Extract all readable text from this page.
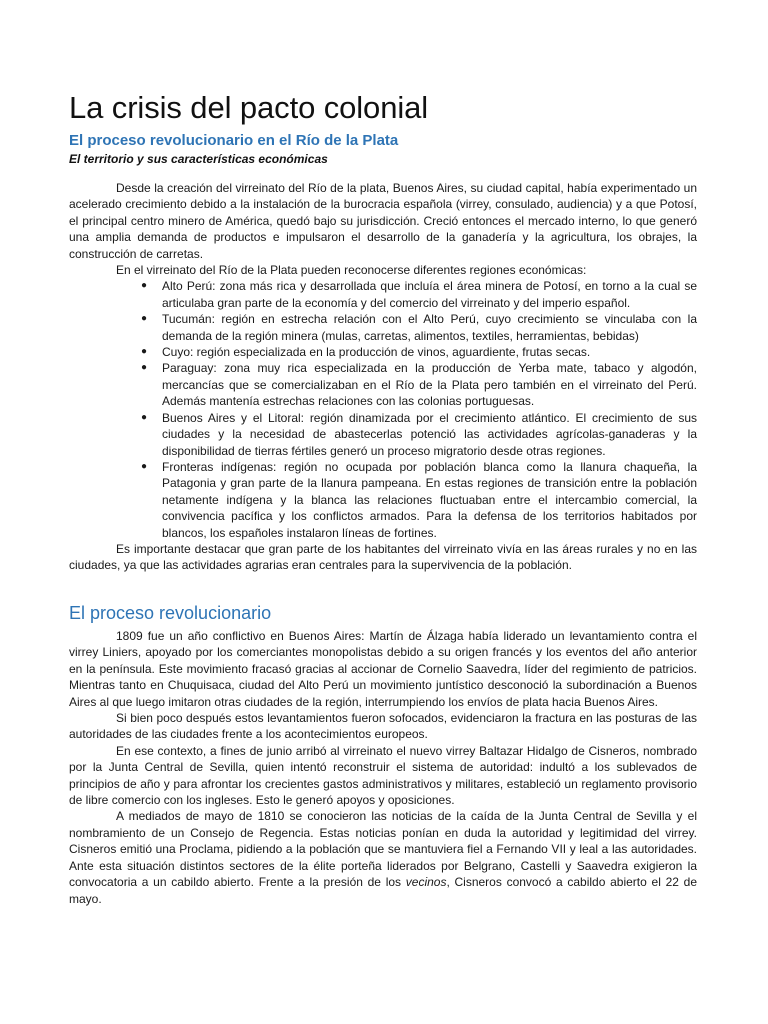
La crisis del pacto colonial
El proceso revolucionario en el Río de la Plata
El territorio y sus características económicas

Desde la creación del virreinato del Río de la plata, Buenos Aires, su ciudad capital, había experimentado un acelerado crecimiento debido a la instalación de la burocracia española (virrey, consulado, audiencia) y a que Potosí, el principal centro minero de América, quedó bajo su jurisdicción. Creció entonces el mercado interno, lo que generó una amplia demanda de productos e impulsaron el desarrollo de la ganadería y la agricultura, los obrajes, la construcción de carretas.

En el virreinato del Río de la Plata pueden reconocerse diferentes regiones económicas:

● Alto Perú: zona más rica y desarrollada que incluía el área minera de Potosí, en torno a la cual se articulaba gran parte de la economía y del comercio del virreinato y del imperio español.
● Tucumán: región en estrecha relación con el Alto Perú, cuyo crecimiento se vinculaba con la demanda de la región minera (mulas, carretas, alimentos, textiles, herramientas, bebidas)
● Cuyo: región especializada en la producción de vinos, aguardiente, frutas secas.
● Paraguay: zona muy rica especializada en la producción de Yerba mate, tabaco y algodón, mercancías que se comercializaban en el Río de la Plata pero también en el virreinato del Perú. Además mantenía estrechas relaciones con las colonias portuguesas.
● Buenos Aires y el Litoral: región dinamizada por el crecimiento atlántico. El crecimiento de sus ciudades y la necesidad de abastecerlas potenció las actividades agrícolas-ganaderas y la disponibilidad de tierras fértiles generó un proceso migratorio desde otras regiones.
● Fronteras indígenas: región no ocupada por población blanca como la llanura chaqueña, la Patagonia y gran parte de la llanura pampeana. En estas regiones de transición entre la población netamente indígena y la blanca las relaciones fluctuaban entre el intercambio comercial, la convivencia pacífica y los conflictos armados. Para la defensa de los territorios habitados por blancos, los españoles instalaron líneas de fortines.

Es importante destacar que gran parte de los habitantes del virreinato vivía en las áreas rurales y no en las ciudades, ya que las actividades agrarias eran centrales para la supervivencia de la población.

El proceso revolucionario

1809 fue un año conflictivo en Buenos Aires: Martín de Álzaga había liderado un levantamiento contra el virrey Liniers, apoyado por los comerciantes monopolistas debido a su origen francés y los eventos del año anterior en la península. Este movimiento fracasó gracias al accionar de Cornelio Saavedra, líder del regimiento de patricios. Mientras tanto en Chuquisaca, ciudad del Alto Perú un movimiento juntístico desconoció la subordinación a Buenos Aires al que luego imitaron otras ciudades de la región, interrumpiendo los envíos de plata hacia Buenos Aires.

Si bien poco después estos levantamientos fueron sofocados, evidenciaron la fractura en las posturas de las autoridades de las ciudades frente a los acontecimientos europeos.

En ese contexto, a fines de junio arribó al virreinato el nuevo virrey Baltazar Hidalgo de Cisneros, nombrado por la Junta Central de Sevilla, quien intentó reconstruir el sistema de autoridad: indultó a los sublevados de principios de año y para afrontar los crecientes gastos administrativos y militares, estableció un reglamento provisorio de libre comercio con los ingleses. Esto le generó apoyos y oposiciones.

A mediados de mayo de 1810 se conocieron las noticias de la caída de la Junta Central de Sevilla y el nombramiento de un Consejo de Regencia. Estas noticias ponían en duda la autoridad y legitimidad del virrey. Cisneros emitió una Proclama, pidiendo a la población que se mantuviera fiel a Fernando VII y leal a las autoridades. Ante esta situación distintos sectores de la élite porteña liderados por Belgrano, Castelli y Saavedra exigieron la convocatoria a un cabildo abierto. Frente a la presión de los vecinos, Cisneros convocó a cabildo abierto el 22 de mayo.
